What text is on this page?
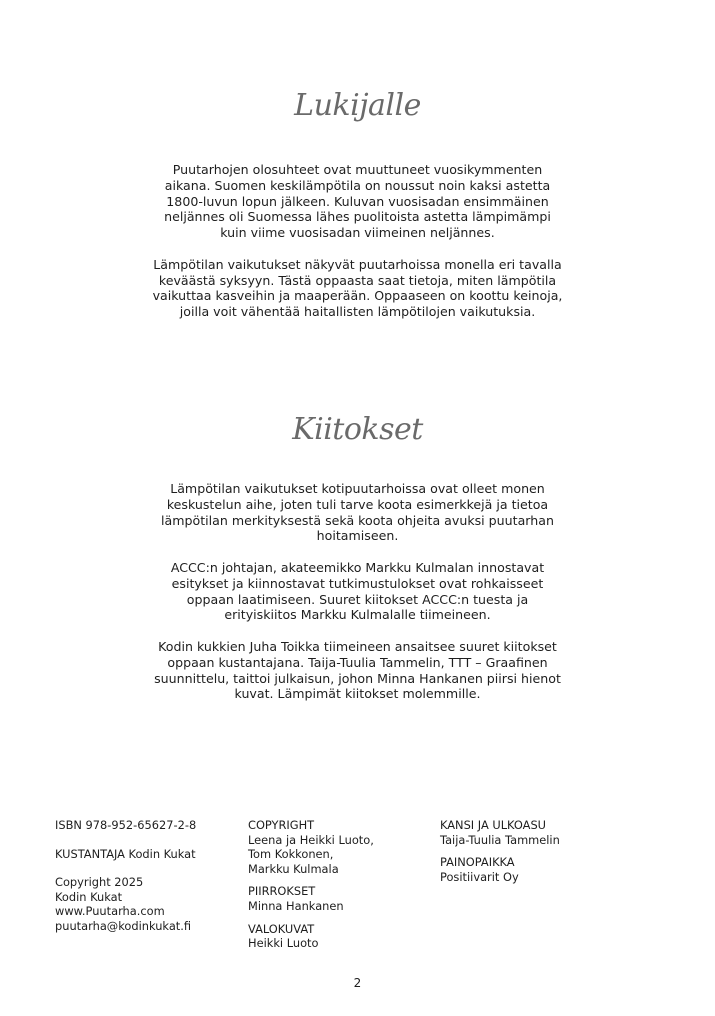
Lukijalle

Puutarhojen olosuhteet ovat muuttuneet vuosikymmenten aikana. Suomen keskilämpötila on noussut noin kaksi astetta 1800-luvun lopun jälkeen. Kuluvan vuosisadan ensimmäinen neljännes oli Suomessa lähes puolitoista astetta lämpimämpi kuin viime vuosisadan viimeinen neljännes.

Lämpötilan vaikutukset näkyvät puutarhoissa monella eri tavalla keväästä syksyyn. Tästä oppaasta saat tietoja, miten lämpötila vaikuttaa kasveihin ja maaperään. Oppaaseen on koottu keinoja, joilla voit vähentää haitallisten lämpötilojen vaikutuksia.

Kiitokset

Lämpötilan vaikutukset kotipuutarhoissa ovat olleet monen keskustelun aihe, joten tuli tarve koota esimerkkejä ja tietoa lämpötilan merkityksestä sekä koota ohjeita avuksi puutarhan hoitamiseen.

ACCC:n johtajan, akateemikko Markku Kulmalan innostavat esitykset ja kiinnostavat tutkimustulokset ovat rohkaisseet oppaan laatimiseen. Suuret kiitokset ACCC:n tuesta ja erityiskiitos Markku Kulmalalle tiimeineen.

Kodin kukkien Juha Toikka tiimeineen ansaitsee suuret kiitokset oppaan kustantajana. Taija-Tuulia Tammelin, TTT – Graafinen suunnittelu, taittoi julkaisun, johon Minna Hankanen piirsi hienot kuvat. Lämpimät kiitokset molemmille.

ISBN 978-952-65627-2-8
KUSTANTAJA Kodin Kukat
Copyright 2025
Kodin Kukat
www.Puutarha.com
puutarha@kodinkukat.fi
COPYRIGHT
Leena ja Heikki Luoto,
Tom Kokkonen,
Markku Kulmala
PIIRROKSET
Minna Hankanen
VALOKUVAT
Heikki Luoto
KANSI JA ULKOASU
Taija-Tuulia Tammelin
PAINOPAIKKA
Positiivarit Oy
2
